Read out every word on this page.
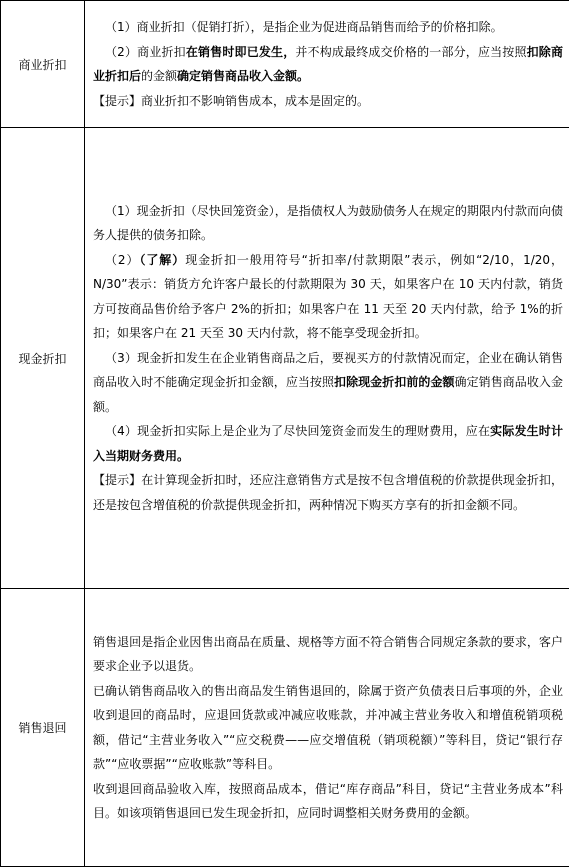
商业折扣	（1）商业折扣（促销打折），是指企业为促进商品销售而给予的价格扣除。

（2）商业折扣在销售时即已发生，并不构成最终成交价格的一部分，应当按照扣除商业折扣后的金额确定销售商品收入金额。

【提示】商业折扣不影响销售成本，成本是固定的。

现金折扣	（1）现金折扣（尽快回笼资金），是指债权人为鼓励债务人在规定的期限内付款而向债务人提供的债务扣除。

（2）（了解）现金折扣一般用符号“折扣率/付款期限”表示，例如“2/10，1/20，N/30”表示：销货方允许客户最长的付款期限为 30 天，如果客户在 10 天内付款，销货方可按商品售价给予客户 2%的折扣；如果客户在 11 天至 20 天内付款，给予 1%的折扣；如果客户在 21 天至 30 天内付款，将不能享受现金折扣。

（3）现金折扣发生在企业销售商品之后，要视买方的付款情况而定，企业在确认销售商品收入时不能确定现金折扣金额，应当按照扣除现金折扣前的金额确定销售商品收入金额。

（4）现金折扣实际上是企业为了尽快回笼资金而发生的理财费用，应在实际发生时计入当期财务费用。

【提示】在计算现金折扣时，还应注意销售方式是按不包含增值税的价款提供现金折扣，还是按包含增值税的价款提供现金折扣，两种情况下购买方享有的折扣金额不同。

销售退回	销售退回是指企业因售出商品在质量、规格等方面不符合销售合同规定条款的要求，客户要求企业予以退货。

已确认销售商品收入的售出商品发生销售退回的，除属于资产负债表日后事项的外，企业收到退回的商品时，应退回货款或冲减应收账款，并冲减主营业务收入和增值税销项税额，借记“主营业务收入”“应交税费——应交增值税（销项税额）”等科目，贷记“银行存款”“应收票据”“应收账款”等科目。

收到退回商品验收入库，按照商品成本，借记“库存商品”科目，贷记“主营业务成本”科目。如该项销售退回已发生现金折扣，应同时调整相关财务费用的金额。
